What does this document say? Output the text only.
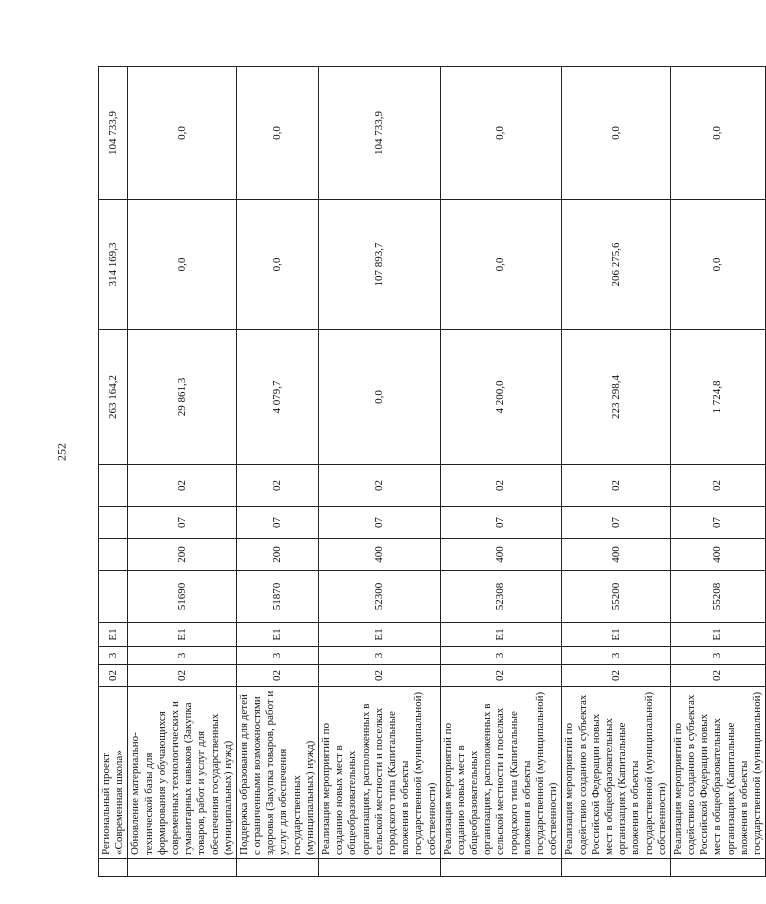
252
	Региональный проект «Современная школа»	02	3	E1					263 164,2	314 169,3	104 733,9
	Обновление материально-технической базы для формирования у обучающихся современных технологических и гуманитарных навыков (Закупка товаров, работ и услуг для обеспечения государственных (муниципальных) нужд)	02	3	E1	51690	200	07	02	29 861,3	0,0	0,0
	Поддержка образования для детей с ограниченными возможностями здоровья (Закупка товаров, работ и услуг для обеспечения государственных (муниципальных) нужд)	02	3	E1	51870	200	07	02	4 079,7	0,0	0,0
	Реализация мероприятий по созданию новых мест в общеобразовательных организациях, расположенных в сельской местности и поселках городского типа (Капитальные вложения в объекты государственной (муниципальной) собственности)	02	3	E1	52300	400	07	02	0,0	107 893,7	104 733,9
	Реализация мероприятий по созданию новых мест в общеобразовательных организациях, расположенных в сельской местности и поселках городского типа (Капитальные вложения в объекты государственной (муниципальной) собственности)	02	3	E1	52308	400	07	02	4 200,0	0,0	0,0
	Реализация мероприятий по содействию созданию в субъектах Российской Федерации новых мест в общеобразовательных организациях (Капитальные вложения в объекты государственной (муниципальной) собственности)	02	3	E1	55200	400	07	02	223 298,4	206 275,6	0,0
	Реализация мероприятий по содействию созданию в субъектах Российской Федерации новых мест в общеобразовательных организациях (Капитальные вложения в объекты государственной (муниципальной)	02	3	E1	55208	400	07	02	1 724,8	0,0	0,0
